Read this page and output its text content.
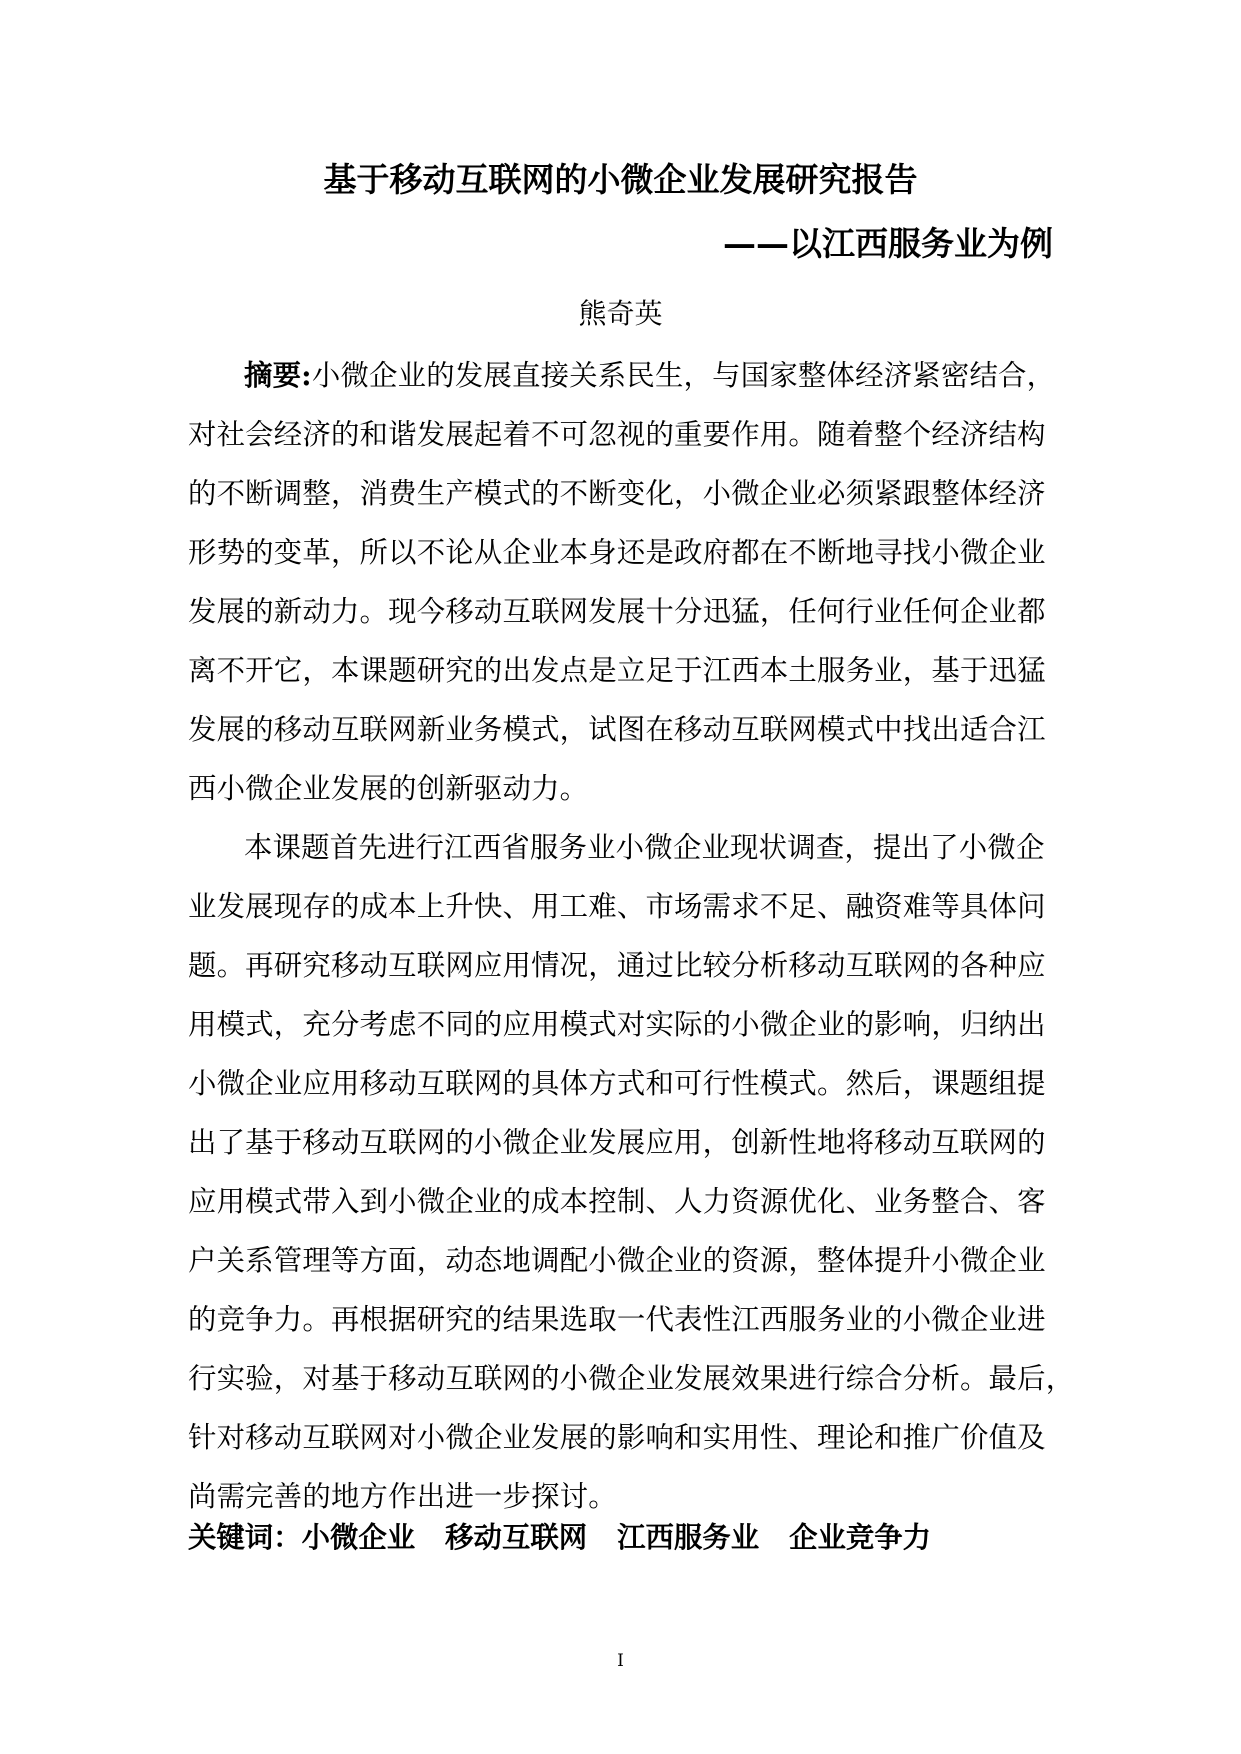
基于移动互联网的小微企业发展研究报告
——以江西服务业为例
熊奇英
摘要:小微企业的发展直接关系民生，与国家整体经济紧密结合，
对社会经济的和谐发展起着不可忽视的重要作用。随着整个经济结构
的不断调整，消费生产模式的不断变化，小微企业必须紧跟整体经济
形势的变革，所以不论从企业本身还是政府都在不断地寻找小微企业
发展的新动力。现今移动互联网发展十分迅猛，任何行业任何企业都
离不开它，本课题研究的出发点是立足于江西本土服务业，基于迅猛
发展的移动互联网新业务模式，试图在移动互联网模式中找出适合江
西小微企业发展的创新驱动力。
本课题首先进行江西省服务业小微企业现状调查，提出了小微企
业发展现存的成本上升快、用工难、市场需求不足、融资难等具体问
题。再研究移动互联网应用情况，通过比较分析移动互联网的各种应
用模式，充分考虑不同的应用模式对实际的小微企业的影响，归纳出
小微企业应用移动互联网的具体方式和可行性模式。然后，课题组提
出了基于移动互联网的小微企业发展应用，创新性地将移动互联网的
应用模式带入到小微企业的成本控制、人力资源优化、业务整合、客
户关系管理等方面，动态地调配小微企业的资源，整体提升小微企业
的竞争力。再根据研究的结果选取一代表性江西服务业的小微企业进
行实验，对基于移动互联网的小微企业发展效果进行综合分析。最后，
针对移动互联网对小微企业发展的影响和实用性、理论和推广价值及
尚需完善的地方作出进一步探讨。
关键词：小微企业 移动互联网 江西服务业 企业竞争力
I
